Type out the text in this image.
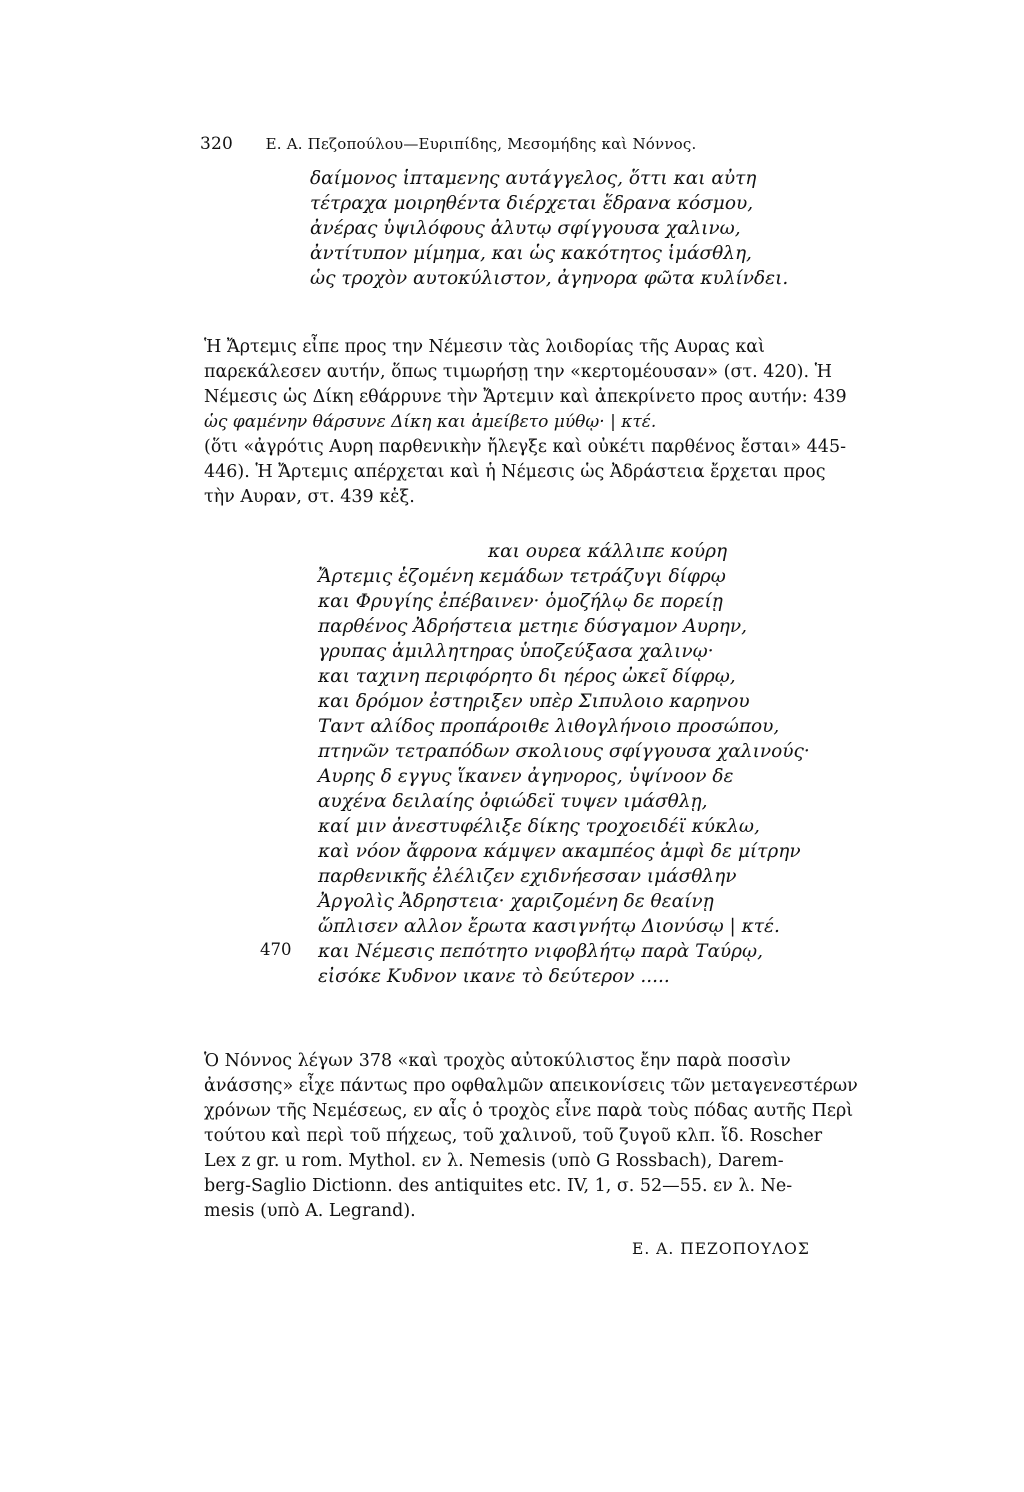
320 Ε. Α. Πεζοπούλου—Ευριπίδης, Μεσομήδης καὶ Νόννος.
δαίμονος ἱπταμενης αυτάγγελος, ὅττι και αὐτη
τέτραχα μοιρηθέντα διέρχεται ἕδρανα κόσμου,
ἀνέρας ὑψιλόφους ἀλυτῳ σφίγγουσα χαλινω,
ἀντίτυπον μίμημα, και ὡς κακότητος ἱμάσθλη,
ὡς τροχὸν αυτοκύλιστον, ἀγηνορα φῶτα κυλίνδει.
Ἡ Ἄρτεμις εἶπε προς την Νέμεσιν τὰς λοιδορίας τῆς Αυρας καὶ
παρεκάλεσεν αυτήν, ὅπως τιμωρήσῃ την «κερτομέουσαν» (στ. 420). Ἡ
Νέμεσις ὡς Δίκη εθάρρυνε τὴν Ἄρτεμιν καὶ ἀπεκρίνετο προς αυτήν: 439
ὡς φαμένην θάρσυνε Δίκη και ἀμείβετο μύθῳ· | κτέ.
(ὅτι «ἀγρότις Αυρη παρθενικὴν ἤλεγξε καὶ οὐκέτι παρθένος ἔσται» 445-
446). Ἡ Ἄρτεμις απέρχεται καὶ ἡ Νέμεσις ὡς Ἀδράστεια ἔρχεται προς
τὴν Αυραν, στ. 439 κἑξ.
και ουρεα κάλλιπε κούρη
Ἄρτεμις ἑζομένη κεμάδων τετράζυγι δίφρῳ
και Φρυγίης ἐπέβαινεν· ὁμοζήλῳ δε πορείῃ
παρθένος Ἀδρήστεια μετηιε δύσγαμον Αυρην,
γρυπας ἀμιλλητηρας ὑποζεύξασα χαλινῳ·
και ταχινη περιφόρητο δι ηέρος ὠκεῖ δίφρῳ,
και δρόμον ἐστηριξεν υπὲρ Σιπυλοιο καρηνου
Ταντ αλίδος προπάροιθε λιθογλήνοιο προσώπου,
πτηνῶν τετραπόδων σκολιους σφίγγουσα χαλινούς·
Αυρης δ εγγυς ἵκανεν ἀγηνορος, ὑψίνοον δε
αυχένα δειλαίης ὀφιώδεϊ τυψεν ιμάσθλῃ,
καί μιν ἀνεστυφέλιξε δίκης τροχοειδέϊ κύκλω,
καὶ νόον ἄφρονα κάμψεν ακαμπέος ἀμφὶ δε μίτρην
παρθενικῆς ἐλέλιζεν εχιδνήεσσαν ιμάσθλην
Ἀργολὶς Ἀδρηστεια· χαριζομένη δε θεαίνῃ
ὥπλισεν αλλον ἔρωτα κασιγνήτῳ Διονύσῳ | κτέ.
και Νέμεσις πεπότητο νιφοβλήτῳ παρὰ Ταύρῳ,
εἰσόκε Κυδνον ικανε τὸ δεύτερον .....
470
Ὁ Νόννος λέγων 378 «καὶ τροχὸς αὐτοκύλιστος ἔην παρὰ ποσσὶν
ἀνάσσης» εἶχε πάντως προ οφθαλμῶν απεικονίσεις τῶν μεταγενεστέρων
χρόνων τῆς Νεμέσεως, εν αἷς ὁ τροχὸς εἶνε παρὰ τοὺς πόδας αυτῆς Περὶ
τούτου καὶ περὶ τοῦ πήχεως, τοῦ χαλινοῦ, τοῦ ζυγοῦ κλπ. ἴδ. Roscher
Lex z gr. u rom. Mythol. εν λ. Nemesis (υπὸ G Rossbach), Darem-
berg-Saglio Dictionn. des antiquites etc. IV, 1, σ. 52—55. εν λ. Ne-
mesis (υπὸ A. Legrand).
Ε. Α. ΠΕΖΟΠΟΥΛΟΣ
